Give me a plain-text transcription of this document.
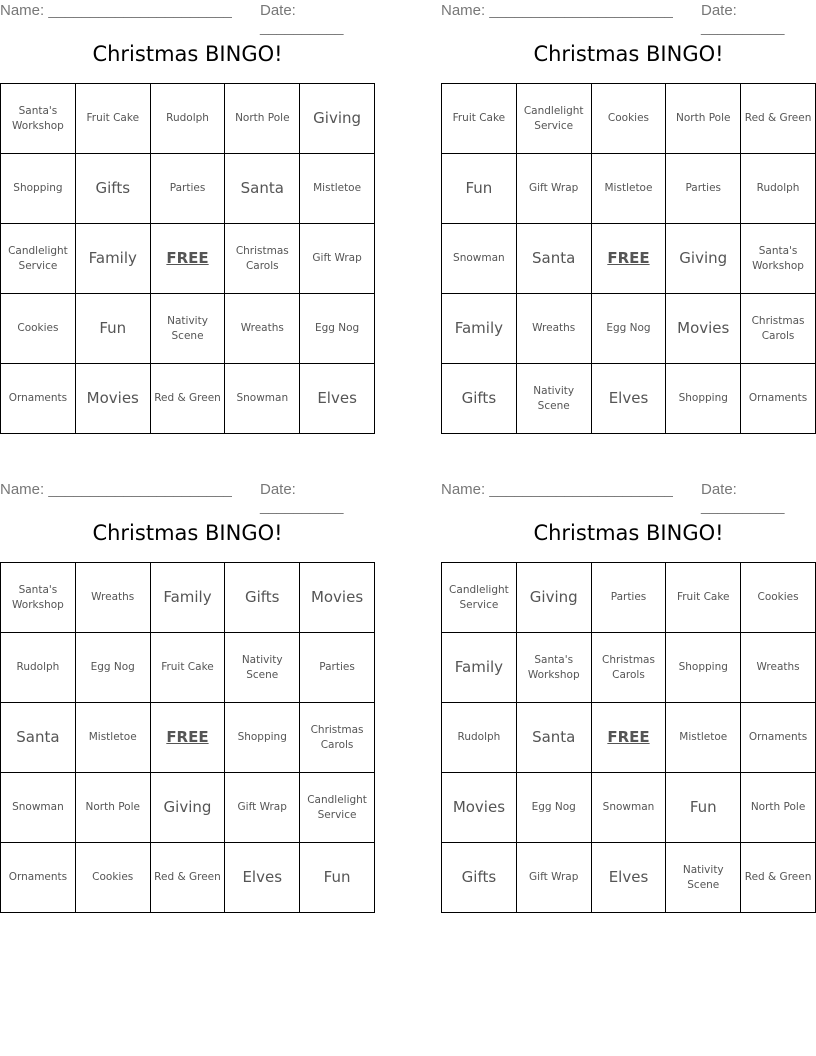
Name: ______________________ Date: __________
Christmas BINGO!
Santa's Workshop	Fruit Cake	Rudolph	North Pole	Giving
Shopping	Gifts	Parties	Santa	Mistletoe
Candlelight Service	Family	FREE	Christmas Carols	Gift Wrap
Cookies	Fun	Nativity Scene	Wreaths	Egg Nog
Ornaments	Movies	Red & Green	Snowman	Elves
Name: ______________________ Date: __________
Christmas BINGO!
Fruit Cake	Candlelight Service	Cookies	North Pole	Red & Green
Fun	Gift Wrap	Mistletoe	Parties	Rudolph
Snowman	Santa	FREE	Giving	Santa's Workshop
Family	Wreaths	Egg Nog	Movies	Christmas Carols
Gifts	Nativity Scene	Elves	Shopping	Ornaments
Name: ______________________ Date: __________
Christmas BINGO!
Santa's Workshop	Wreaths	Family	Gifts	Movies
Rudolph	Egg Nog	Fruit Cake	Nativity Scene	Parties
Santa	Mistletoe	FREE	Shopping	Christmas Carols
Snowman	North Pole	Giving	Gift Wrap	Candlelight Service
Ornaments	Cookies	Red & Green	Elves	Fun
Name: ______________________ Date: __________
Christmas BINGO!
Candlelight Service	Giving	Parties	Fruit Cake	Cookies
Family	Santa's Workshop	Christmas Carols	Shopping	Wreaths
Rudolph	Santa	FREE	Mistletoe	Ornaments
Movies	Egg Nog	Snowman	Fun	North Pole
Gifts	Gift Wrap	Elves	Nativity Scene	Red & Green
